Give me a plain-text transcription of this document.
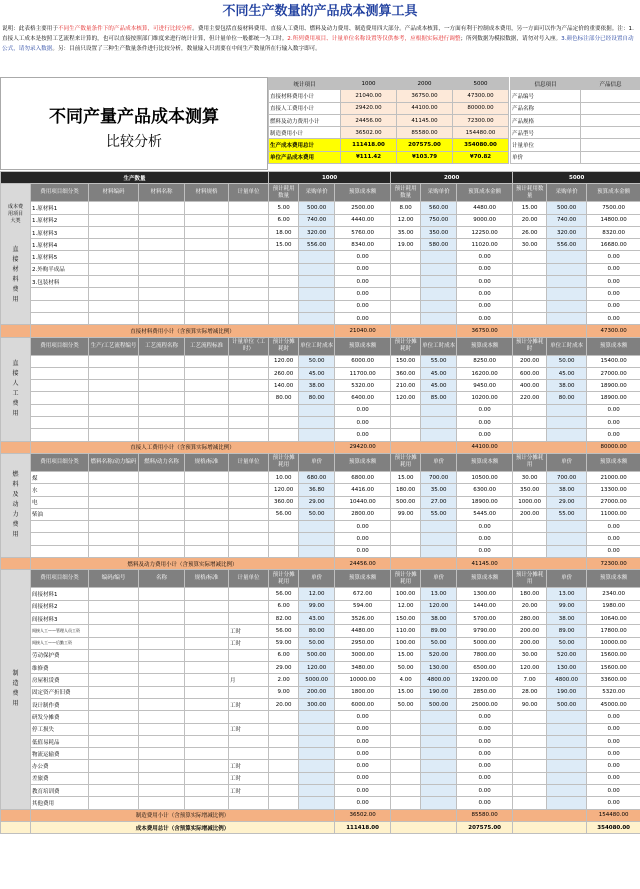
不同生产数量的产品成本测算工具
说明：此表格主要用于不同生产数量条件下的产品成本核算，可进行比较分析。费用主要包括直接材料费用、直接人工费用、燃料及动力费用、制造费用四大部分。产品成本核算，一方面有利于控制成本费用，另一方面可以作为产品定价的重要依据。注：1.直接人工成本是按照工艺流程来计算的，也可以直接按照部门维度来进行统计计算，但计量单位一般都统一为工时。2.所列费用项目、计量单位名称设置等仅供参考，应根据实际进行调整；所列数据为模拟数据，请勿对号入座。3.颜色标注部分已经设置自动公式，请勿录入数据。另：目前只设置了三种生产数量条件进行比较分析，数量输入只需要在中间生产数量所在行输入数字即可。
不同产量产品成本测算
比较分析
统计项目	1000	2000	5000
直接材料费用小计	21040.00	36750.00	47300.00
直接人工费用小计	29420.00	44100.00	80000.00
燃料及动力费用小计	24456.00	41145.00	72300.00
制造费用小计	36502.00	85580.00	154480.00
生产成本费用总计	111418.00	207575.00	354080.00
单位产品成本费用	¥111.42	¥103.79	¥70.82
信息项目	产品信息
产品编号	
产品名称	
产品规格	
产品型号	
计量单位	
单价	
生产数量						1000			2000			5000		

成本费用项目大类
直接材料费用	费用项目细分类	材料编码	材料名称	材料规格	计量单位	预计耗用数量	采购单价	预算成本额	预计耗用数量	采购单价	预算成本金额	预计耗用数量	采购单价	预算成本金额
	1.原材料1					5.00	500.00	2500.00	8.00	560.00	4480.00	15.00	500.00	7500.00
	1.原材料2					6.00	740.00	4440.00	12.00	750.00	9000.00	20.00	740.00	14800.00
	1.原材料3					18.00	320.00	5760.00	35.00	350.00	12250.00	26.00	320.00	8320.00
	1.原材料4					15.00	556.00	8340.00	19.00	580.00	11020.00	30.00	556.00	16680.00
	1.原材料5							0.00			0.00			0.00
	2.外购半成品							0.00			0.00			0.00
	3.包装材料							0.00			0.00			0.00
								0.00			0.00			0.00
								0.00			0.00			0.00
								0.00			0.00			0.00
	直接材料费用小计（含预算实际增减比例）							21040.00			36750.00			47300.00

直接人工费用	费用项目细分类	生产/工艺流程编号	工艺流程名称	工艺流程标准	计量单位（工时）	预计分摊耗时	单位工时成本	预算成本额	预计分摊耗时	单位工时成本	预算成本额	预计分摊耗时	单位工时成本	预算成本额
						120.00	50.00	6000.00	150.00	55.00	8250.00	200.00	50.00	15400.00
						260.00	45.00	11700.00	360.00	45.00	16200.00	600.00	45.00	27000.00
						140.00	38.00	5320.00	210.00	45.00	9450.00	400.00	38.00	18900.00
						80.00	80.00	6400.00	120.00	85.00	10200.00	220.00	80.00	18900.00
								0.00			0.00			0.00
								0.00			0.00			0.00
								0.00			0.00			0.00
	直接人工费用小计（含预算实际增减比例）							29420.00			44100.00			80000.00

燃料及动力费用	费用项目细分类	燃料名称/动力编码	燃料/动力名称	规格/标准	计量单位	预计分摊耗用	单价	预算成本额	预计分摊耗用	单价	预算成本额	预计分摊耗用	单价	预算成本额
	煤					10.00	680.00	6800.00	15.00	700.00	10500.00	30.00	700.00	21000.00
	水					120.00	36.80	4416.00	180.00	35.00	6300.00	350.00	38.00	13300.00
	电					360.00	29.00	10440.00	500.00	27.00	18900.00	1000.00	29.00	27000.00
	柴油					56.00	50.00	2800.00	99.00	55.00	5445.00	200.00	55.00	11000.00
								0.00			0.00			0.00
								0.00			0.00			0.00
								0.00			0.00			0.00
	燃料及动力费用小计（含预算实际增减比例）							24456.00			41145.00			72300.00

制造费用	费用项目细分类	编码/编号	名称	规格/标准	计量单位	预计分摊耗用	单价	预算成本额	预计分摊耗用	单价	预算成本额	预计分摊耗用	单价	预算成本额
	间接材料1					56.00	12.00	672.00	100.00	13.00	1300.00	180.00	13.00	2340.00
	间接材料2					6.00	99.00	594.00	12.00	120.00	1440.00	20.00	99.00	1980.00
	间接材料3					82.00	43.00	3526.00	150.00	38.00	5700.00	280.00	38.00	10640.00
	间接人工——管理人员工资				工时	56.00	80.00	4480.00	110.00	89.00	9790.00	200.00	89.00	17800.00
	间接人工——后勤工资				工时	59.00	50.00	2950.00	100.00	50.00	5000.00	200.00	50.00	10000.00
	劳动保护费					6.00	500.00	3000.00	15.00	520.00	7800.00	30.00	520.00	15600.00
	维修费					29.00	120.00	3480.00	50.00	130.00	6500.00	120.00	130.00	15600.00
	房屋租赁费				月	2.00	5000.00	10000.00	4.00	4800.00	19200.00	7.00	4800.00	33600.00
	固定资产折旧费					9.00	200.00	1800.00	15.00	190.00	2850.00	28.00	190.00	5320.00
	设计制作费				工时	20.00	300.00	6000.00	50.00	500.00	25000.00	90.00	500.00	45000.00
	研发分摊费							0.00			0.00			0.00
	停工损失				工时			0.00			0.00			0.00
	低值易耗品							0.00			0.00			0.00
	物流运输费							0.00			0.00			0.00
	办公费				工时			0.00			0.00			0.00
	差旅费				工时			0.00			0.00			0.00
	教育培训费				工时			0.00			0.00			0.00
	其他费用							0.00			0.00			0.00
	制造费用小计（含预算实际增减比例）							36502.00			85580.00			154480.00
	成本费用总计（含预算实际增减比例）							111418.00			207575.00			354080.00
